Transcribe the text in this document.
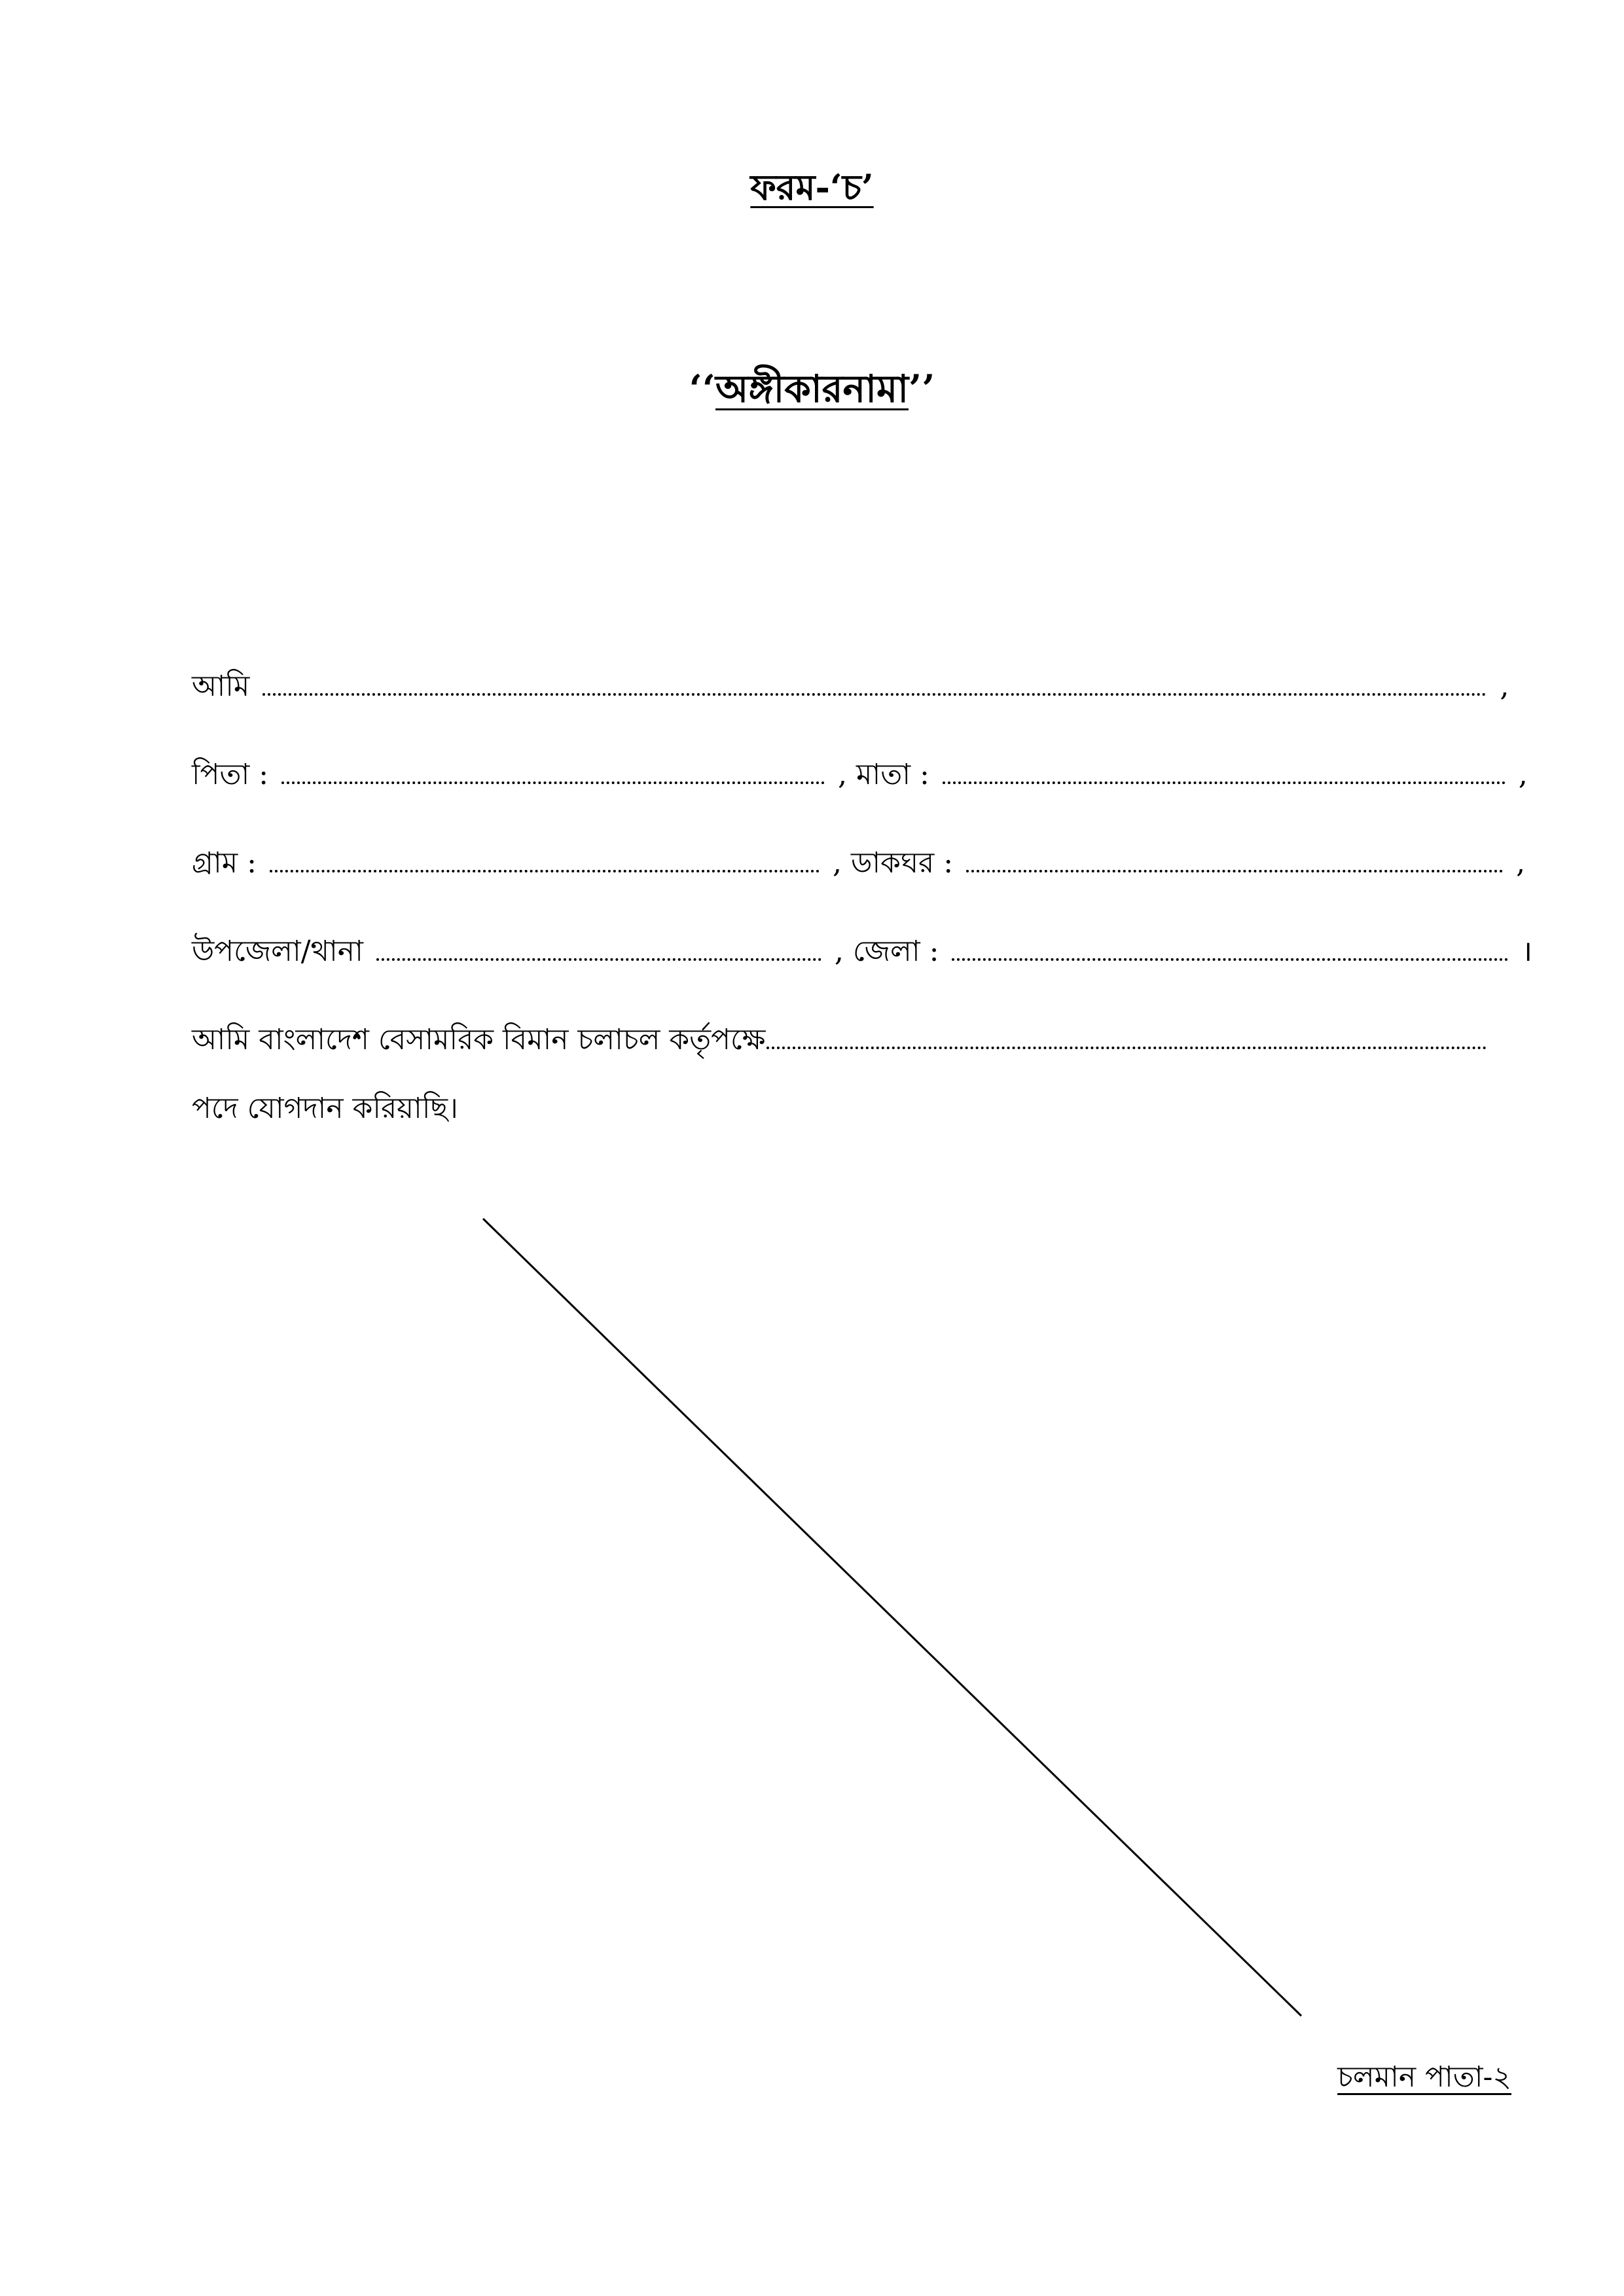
ফরম-‘চ’
‘‘অঙ্গীকারনামা’’
আমি	,
পিতা :	, মাতা :	,
গ্রাম :	, ডাকঘর :	,
উপজেলা/থানা	, জেলা :	।
আমি বাংলাদেশ বেসামরিক বিমান চলাচল কর্তৃপক্ষে
পদে যোগদান করিয়াছি।
চলমান পাতা-২
